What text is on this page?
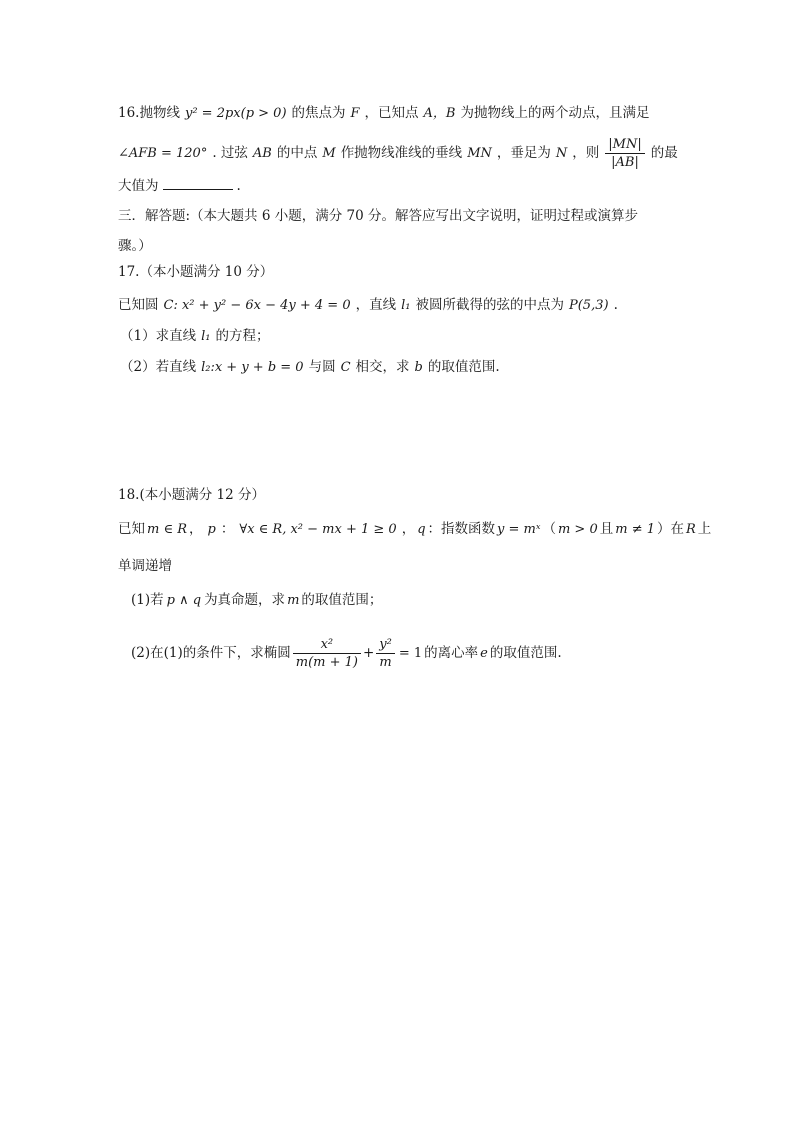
16.抛物线 y² = 2px(p > 0) 的焦点为 F ，已知点 A，B 为抛物线上的两个动点，且满足
∠AFB = 120° . 过弦 AB 的中点 M 作抛物线准线的垂线 MN ，垂足为 N ，则 $\frac{|MN|}{|AB|}$ 的最
大值为	.
三．解答题:（本大题共 6 小题，满分 70 分。解答应写出文字说明，证明过程或演算步
骤。）
17.（本小题满分 10 分）
已知圆 C: x² + y² − 6x − 4y + 4 = 0 ，直线 l₁ 被圆所截得的弦的中点为 P(5,3) .
（1）求直线 l₁ 的方程；
（2）若直线 l₂:x + y + b = 0 与圆 C 相交，求 b 的取值范围.
18.(本小题满分 12 分）
已知 m ∈ R ， p ： ∀x ∈ R, x² − mx + 1 ≥ 0 ， q ：指数函数 y = mˣ （ m > 0 且 m ≠ 1 ）在 R 上
单调递增
(1)若 p ∧ q 为真命题，求 m 的取值范围；
(2)在(1)的条件下，求椭圆 $\frac{\text{x²}}{m(m + 1)} + \frac{\text{y²}}{m} = 1$ 的离心率 e 的取值范围.
